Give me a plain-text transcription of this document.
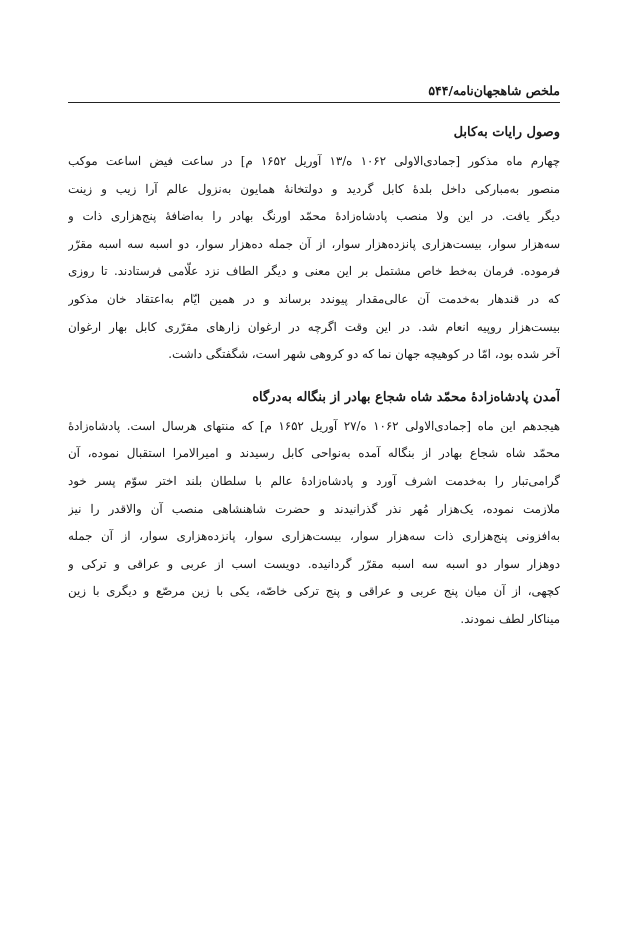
ملخص شاهجهان‌نامه/۵۴۴
وصول رایات به‌کابل

چهارم ماه مذکور [جمادی‌الاولی ۱۰۶۲ ه/۱۳ آوریل ۱۶۵۲ م] در ساعت فیض اساعت موکب
منصور به‌مبارکی داخل بلدهٔ کابل گردید و دولتخانهٔ همایون به‌نزول عالم آرا زیب و زینت
دیگر یافت. در این ولا منصب پادشاه‌زادهٔ محمّد اورنگ بهادر را به‌اضافهٔ پنج‌هزاری ذات و
سه‌هزار سوار، بیست‌هزاری پانزده‌هزار سوار، از آن جمله ده‌هزار سوار، دو اسبه سه اسبه مقرّر
فرموده. فرمان به‌خط خاص مشتمل بر این معنی و دیگر الطاف نزد علّامی فرستادند. تا روزی
که در قندهار به‌خدمت آن عالی‌مقدار پیوندد برساند و در همین ایّام به‌اعتقاد خان مذکور
بیست‌هزار روپیه انعام شد. در این وقت اگرچه در ارغوان زارهای مقرّری کابل بهار ارغوان
آخر شده بود، امّا در کوهیچه جهان نما که دو کروهی شهر است، شگفتگی داشت.

آمدن پادشاه‌زادهٔ محمّد شاه شجاع بهادر از بنگاله به‌درگاه

هیجدهم این ماه [جمادی‌الاولی ۱۰۶۲ ه/۲۷ آوریل ۱۶۵۲ م] که منتهای هرسال است. پادشاه‌زادهٔ
محمّد شاه شجاع بهادر از بنگاله آمده به‌نواحی کابل رسیدند و امیرالامرا استقبال نموده، آن
گرامی‌تبار را به‌خدمت اشرف آورد و پادشاه‌زادهٔ عالم با سلطان بلند اختر سوّم پسر خود
ملازمت نموده، یک‌هزار مُهر نذر گذرانیدند و حضرت شاهنشاهی منصب آن والاقدر را نیز
به‌افزونی پنج‌هزاری ذات سه‌هزار سوار، بیست‌هزاری سوار، پانزده‌هزاری سوار، از آن جمله
دوهزار سوار دو اسبه سه اسبه مقرّر گردانیده. دویست اسب از عربی و عراقی و ترکی و
کچهی، از آن میان پنج عربی و عراقی و پنج ترکی خاصّه، یکی با زین مرصّع و دیگری با زین
میناکار لطف نمودند.
